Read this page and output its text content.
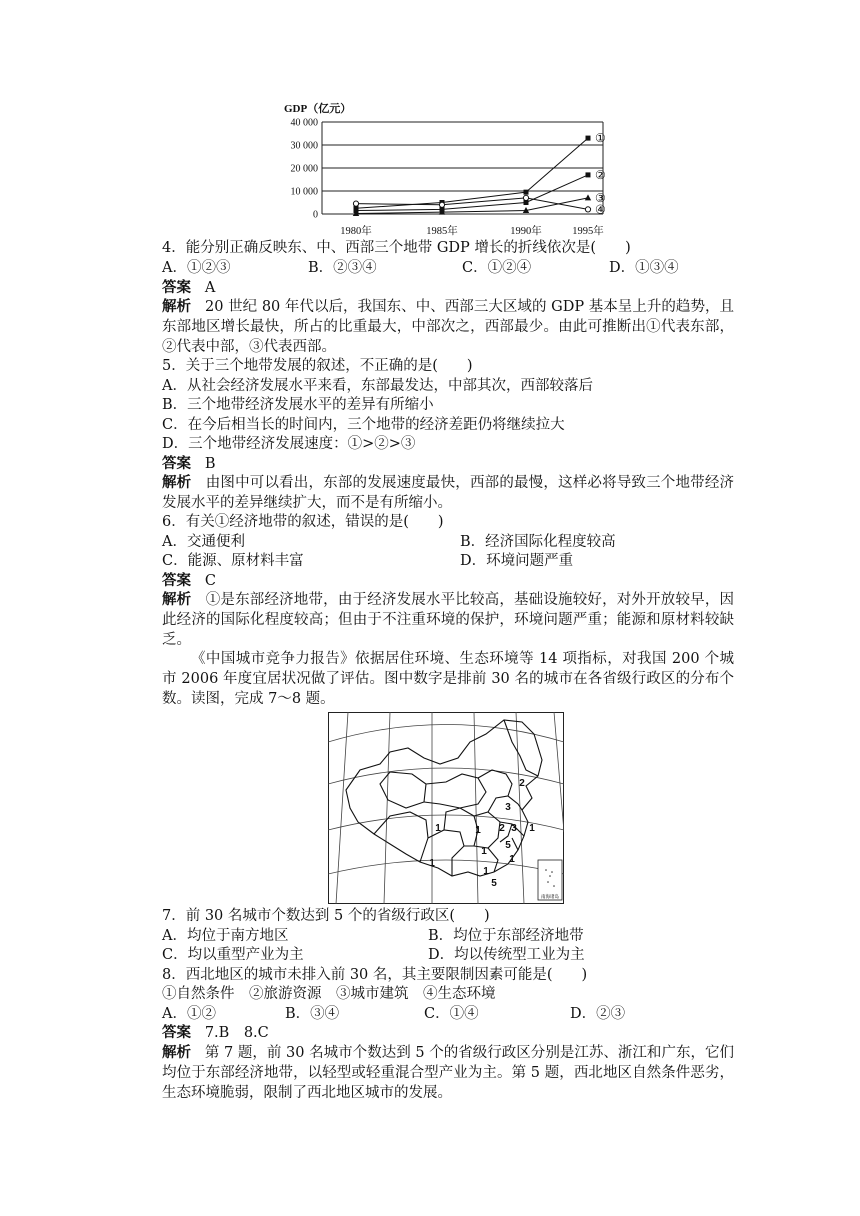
GDP（亿元）
40 000
30 000
20 000
10 000
0
1980年	1985年	1990年	1995年
①
②
③
④
4．能分别正确反映东、中、西部三个地带 GDP 增长的折线依次是(　　)
A．①②③	B．②③④	C．①②④	D．①③④
答案 A
解析 20 世纪 80 年代以后，我国东、中、西部三大区域的 GDP 基本呈上升的趋势，且东部地区增长最快，所占的比重最大，中部次之，西部最少。由此可推断出①代表东部，②代表中部，③代表西部。
5．关于三个地带发展的叙述，不正确的是(　　)
A．从社会经济发展水平来看，东部最发达，中部其次，西部较落后
B．三个地带经济发展水平的差异有所缩小
C．在今后相当长的时间内，三个地带的经济差距仍将继续拉大
D．三个地带经济发展速度：①>②>③
答案 B
解析 由图中可以看出，东部的发展速度最快，西部的最慢，这样必将导致三个地带经济发展水平的差异继续扩大，而不是有所缩小。
6．有关①经济地带的叙述，错误的是(　　)
A．交通便利	B．经济国际化程度较高
C．能源、原材料丰富	D．环境问题严重
答案 C
解析 ①是东部经济地带，由于经济发展水平比较高，基础设施较好，对外开放较早，因此经济的国际化程度较高；但由于不注重环境的保护，环境问题严重；能源和原材料较缺乏。
《中国城市竞争力报告》依据居住环境、生态环境等 14 项指标，对我国 200 个城市 2006 年度宜居状况做了评估。图中数字是排前 30 名的城市在各省级行政区的分布个数。读图，完成 7～8 题。
南海诸岛
2
3
1	1 2 3 1
1
1
5
1
1
5
7．前 30 名城市个数达到 5 个的省级行政区(　　)
A．均位于南方地区	B．均位于东部经济地带
C．均以重型产业为主	D．均以传统型工业为主
8．西北地区的城市未排入前 30 名，其主要限制因素可能是(　　)
①自然条件　②旅游资源　③城市建筑　④生态环境
A．①②	B．③④	C．①④	D．②③
答案 7.B　8.C
解析 第 7 题，前 30 名城市个数达到 5 个的省级行政区分别是江苏、浙江和广东，它们均位于东部经济地带，以轻型或轻重混合型产业为主。第 5 题，西北地区自然条件恶劣，生态环境脆弱，限制了西北地区城市的发展。
